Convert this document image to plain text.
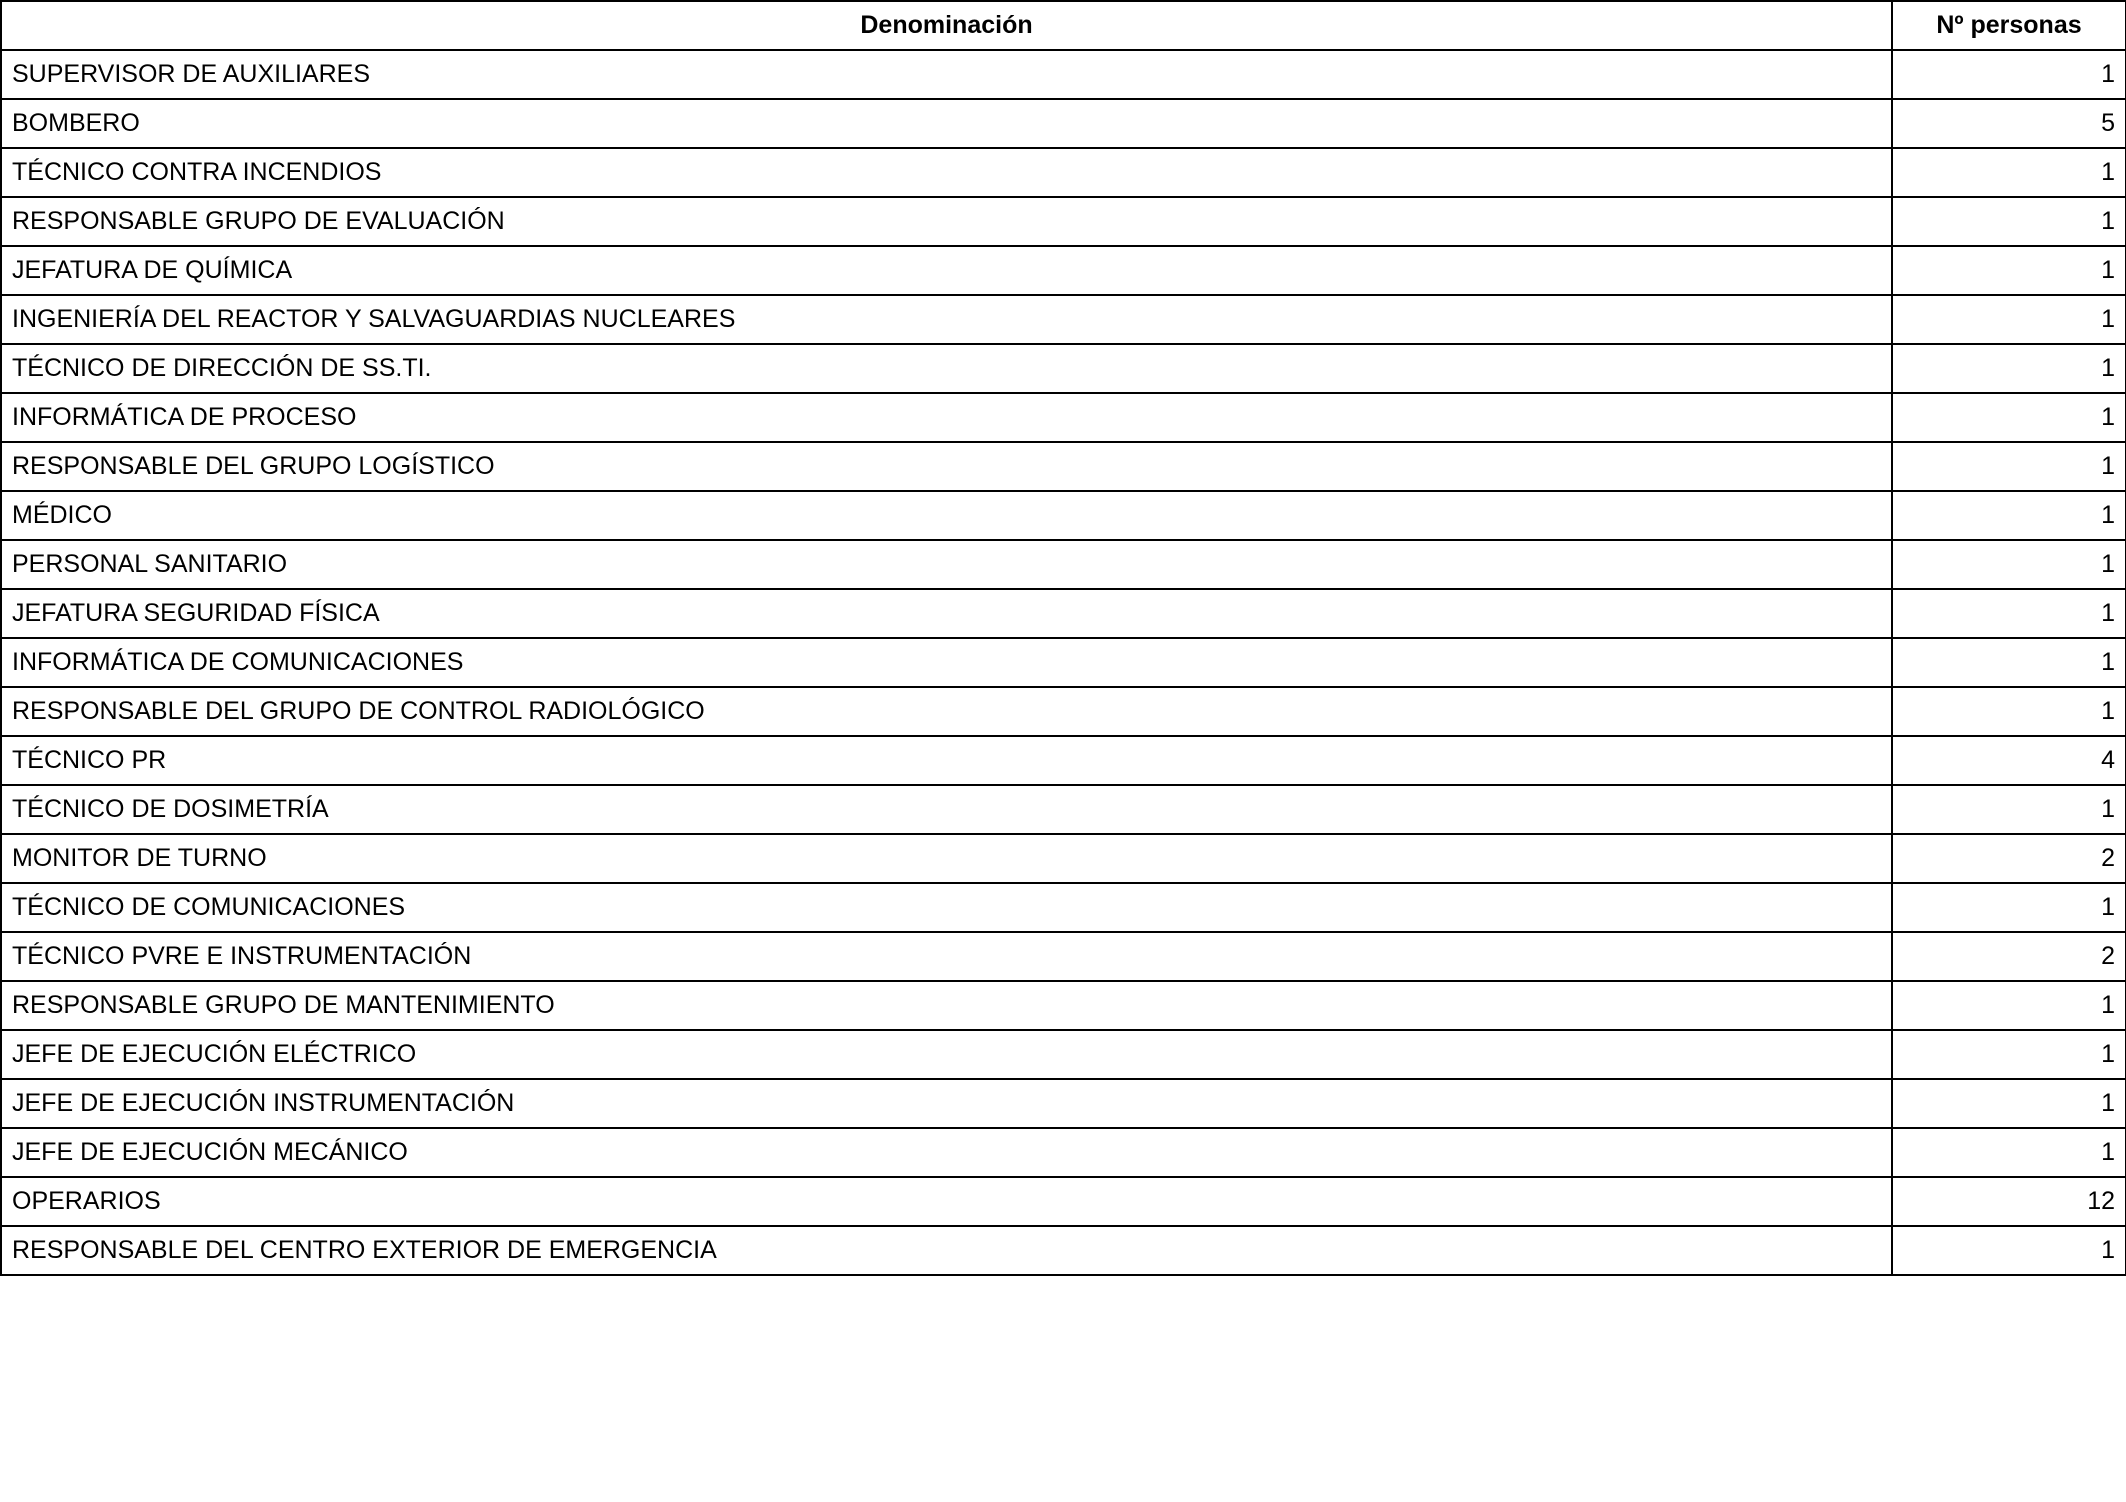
Denominación	Nº personas
SUPERVISOR DE AUXILIARES	1
BOMBERO	5
TÉCNICO CONTRA INCENDIOS	1
RESPONSABLE GRUPO DE EVALUACIÓN	1
JEFATURA DE QUÍMICA	1
INGENIERÍA DEL REACTOR Y SALVAGUARDIAS NUCLEARES	1
TÉCNICO DE DIRECCIÓN DE SS.TI.	1
INFORMÁTICA DE PROCESO	1
RESPONSABLE DEL GRUPO LOGÍSTICO	1
MÉDICO	1
PERSONAL SANITARIO	1
JEFATURA SEGURIDAD FÍSICA	1
INFORMÁTICA DE COMUNICACIONES	1
RESPONSABLE DEL GRUPO DE CONTROL RADIOLÓGICO	1
TÉCNICO PR	4
TÉCNICO DE DOSIMETRÍA	1
MONITOR DE TURNO	2
TÉCNICO DE COMUNICACIONES	1
TÉCNICO PVRE E INSTRUMENTACIÓN	2
RESPONSABLE GRUPO DE MANTENIMIENTO	1
JEFE DE EJECUCIÓN ELÉCTRICO	1
JEFE DE EJECUCIÓN INSTRUMENTACIÓN	1
JEFE DE EJECUCIÓN MECÁNICO	1
OPERARIOS	12
RESPONSABLE DEL CENTRO EXTERIOR DE EMERGENCIA	1
